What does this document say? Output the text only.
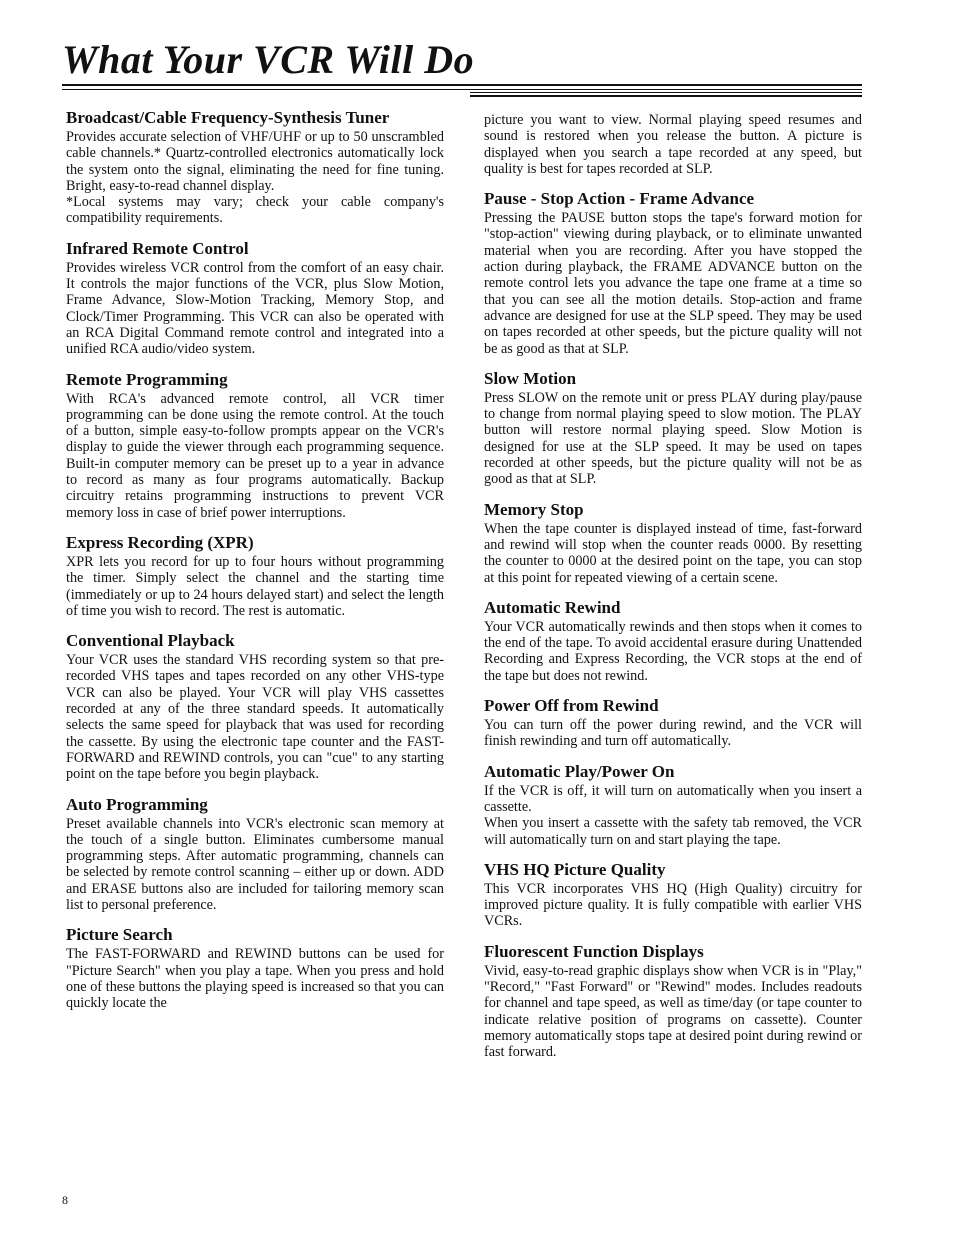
What Your VCR Will Do
Broadcast/Cable Frequency-Synthesis Tuner

Provides accurate selection of VHF/UHF or up to 50 unscrambled cable channels.* Quartz-controlled electronics automatically lock the system onto the signal, eliminating the need for fine tuning. Bright, easy-to-read channel display.

*Local systems may vary; check your cable company's compatibility requirements.

Infrared Remote Control

Provides wireless VCR control from the comfort of an easy chair. It controls the major functions of the VCR, plus Slow Motion, Frame Advance, Slow-Motion Tracking, Memory Stop, and Clock/Timer Programming. This VCR can also be operated with an RCA Digital Command remote control and integrated into a unified RCA audio/video system.

Remote Programming

With RCA's advanced remote control, all VCR timer programming can be done using the remote control. At the touch of a button, simple easy-to-follow prompts appear on the VCR's display to guide the viewer through each programming sequence. Built-in computer memory can be preset up to a year in advance to record as many as four programs automatically. Backup circuitry retains programming instructions to prevent VCR memory loss in case of brief power interruptions.

Express Recording (XPR)

XPR lets you record for up to four hours without programming the timer. Simply select the channel and the starting time (immediately or up to 24 hours delayed start) and select the length of time you wish to record. The rest is automatic.

Conventional Playback

Your VCR uses the standard VHS recording system so that pre-recorded VHS tapes and tapes recorded on any other VHS-type VCR can also be played. Your VCR will play VHS cassettes recorded at any of the three standard speeds. It automatically selects the same speed for playback that was used for recording the cassette. By using the electronic tape counter and the FAST-FORWARD and REWIND controls, you can "cue" to any starting point on the tape before you begin playback.

Auto Programming

Preset available channels into VCR's electronic scan memory at the touch of a single button. Eliminates cumbersome manual programming steps. After automatic programming, channels can be selected by remote control scanning – either up or down. ADD and ERASE buttons also are included for tailoring memory scan list to personal preference.

Picture Search

The FAST-FORWARD and REWIND buttons can be used for "Picture Search" when you play a tape. When you press and hold one of these buttons the playing speed is increased so that you can quickly locate the

picture you want to view. Normal playing speed resumes and sound is restored when you release the button. A picture is displayed when you search a tape recorded at any speed, but quality is best for tapes recorded at SLP.

Pause - Stop Action - Frame Advance

Pressing the PAUSE button stops the tape's forward motion for "stop-action" viewing during playback, or to eliminate unwanted material when you are recording. After you have stopped the action during playback, the FRAME ADVANCE button on the remote control lets you advance the tape one frame at a time so that you can see all the motion details. Stop-action and frame advance are designed for use at the SLP speed. They may be used on tapes recorded at other speeds, but the picture quality will not be as good as that at SLP.

Slow Motion

Press SLOW on the remote unit or press PLAY during play/pause to change from normal playing speed to slow motion. The PLAY button will restore normal playing speed. Slow Motion is designed for use at the SLP speed. It may be used on tapes recorded at other speeds, but the picture quality will not be as good as that at SLP.

Memory Stop

When the tape counter is displayed instead of time, fast-forward and rewind will stop when the counter reads 0000. By resetting the counter to 0000 at the desired point on the tape, you can stop at this point for repeated viewing of a certain scene.

Automatic Rewind

Your VCR automatically rewinds and then stops when it comes to the end of the tape. To avoid accidental erasure during Unattended Recording and Express Recording, the VCR stops at the end of the tape but does not rewind.

Power Off from Rewind

You can turn off the power during rewind, and the VCR will finish rewinding and turn off automatically.

Automatic Play/Power On

If the VCR is off, it will turn on automatically when you insert a cassette.

When you insert a cassette with the safety tab removed, the VCR will automatically turn on and start playing the tape.

VHS HQ Picture Quality

This VCR incorporates VHS HQ (High Quality) circuitry for improved picture quality. It is fully compatible with earlier VHS VCRs.

Fluorescent Function Displays

Vivid, easy-to-read graphic displays show when VCR is in "Play," "Record," "Fast Forward" or "Rewind" modes. Includes readouts for channel and tape speed, as well as time/day (or tape counter to indicate relative position of programs on cassette). Counter memory automatically stops tape at desired point during rewind or fast forward.

8
